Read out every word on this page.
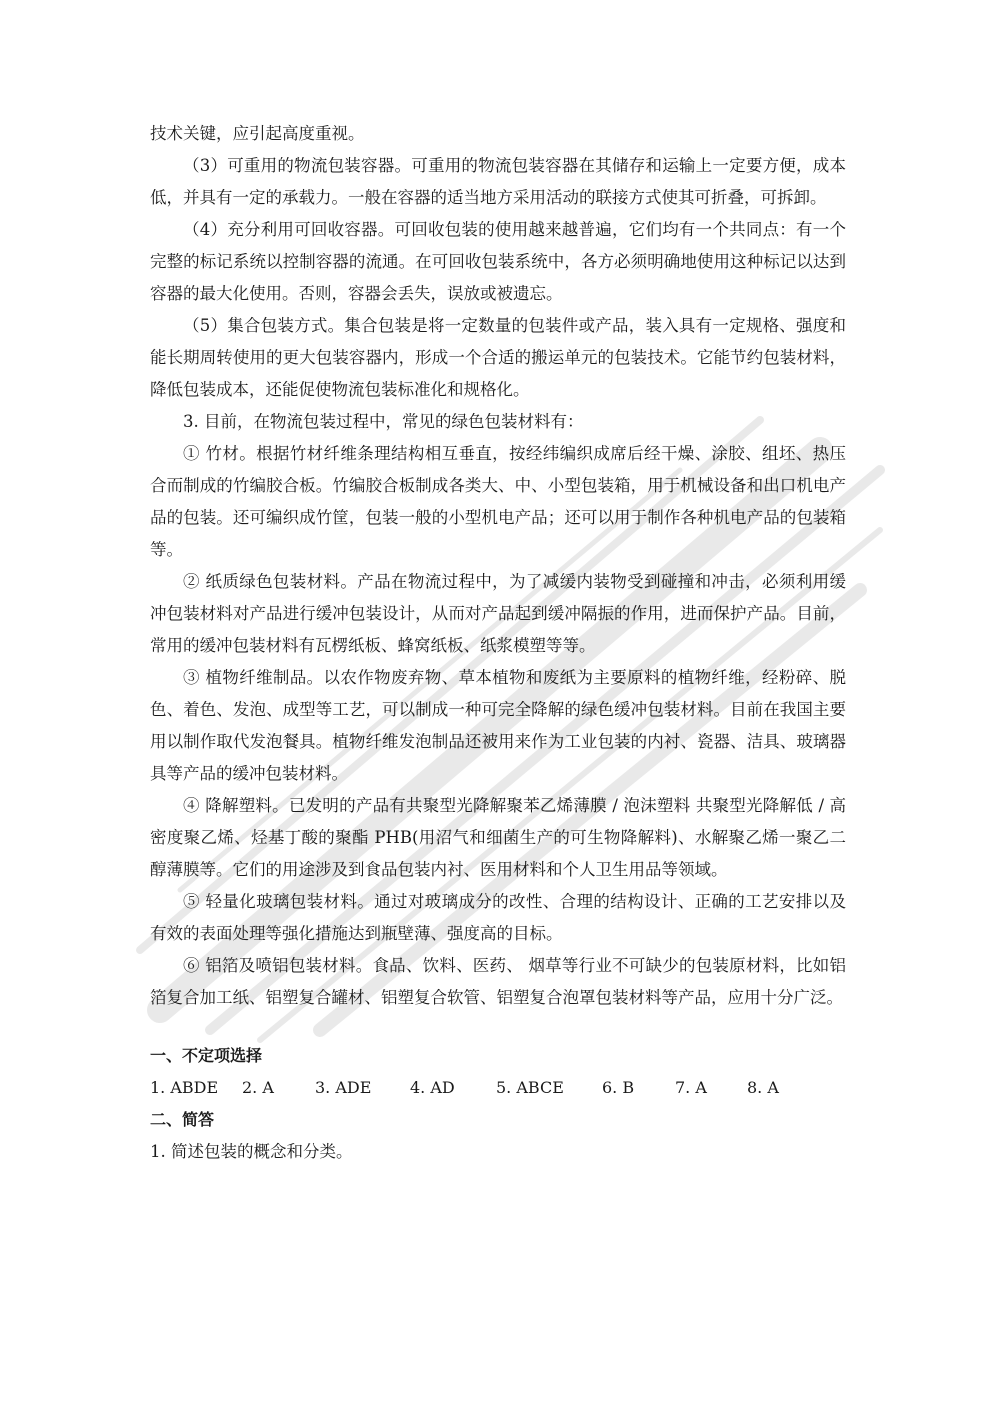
技术关键，应引起高度重视。

（3）可重用的物流包装容器。可重用的物流包装容器在其储存和运输上一定要方便，成本低，并具有一定的承载力。一般在容器的适当地方采用活动的联接方式使其可折叠，可拆卸。

（4）充分利用可回收容器。可回收包装的使用越来越普遍，它们均有一个共同点：有一个完整的标记系统以控制容器的流通。在可回收包装系统中，各方必须明确地使用这种标记以达到容器的最大化使用。否则，容器会丢失，误放或被遗忘。

（5）集合包装方式。集合包装是将一定数量的包装件或产品，装入具有一定规格、强度和能长期周转使用的更大包装容器内，形成一个合适的搬运单元的包装技术。它能节约包装材料，降低包装成本，还能促使物流包装标准化和规格化。

3. 目前，在物流包装过程中，常见的绿色包装材料有：

① 竹材。根据竹材纤维条理结构相互垂直，按经纬编织成席后经干燥、涂胶、组坯、热压合而制成的竹编胶合板。竹编胶合板制成各类大、中、小型包装箱，用于机械设备和出口机电产品的包装。还可编织成竹筐，包装一般的小型机电产品；还可以用于制作各种机电产品的包装箱等。

② 纸质绿色包装材料。产品在物流过程中，为了减缓内装物受到碰撞和冲击，必须利用缓冲包装材料对产品进行缓冲包装设计，从而对产品起到缓冲隔振的作用，进而保护产品。目前，常用的缓冲包装材料有瓦楞纸板、蜂窝纸板、纸浆模塑等等。

③ 植物纤维制品。以农作物废弃物、草本植物和废纸为主要原料的植物纤维，经粉碎、脱色、着色、发泡、成型等工艺，可以制成一种可完全降解的绿色缓冲包装材料。目前在我国主要用以制作取代发泡餐具。植物纤维发泡制品还被用来作为工业包装的内衬、瓷器、洁具、玻璃器具等产品的缓冲包装材料。

④ 降解塑料。已发明的产品有共聚型光降解聚苯乙烯薄膜 / 泡沫塑料 共聚型光降解低 / 高密度聚乙烯、烃基丁酸的聚酯 PHB(用沼气和细菌生产的可生物降解料)、水解聚乙烯一聚乙二醇薄膜等。它们的用途涉及到食品包装内衬、医用材料和个人卫生用品等领域。

⑤ 轻量化玻璃包装材料。通过对玻璃成分的改性、合理的结构设计、正确的工艺安排以及有效的表面处理等强化措施达到瓶壁薄、强度高的目标。

⑥ 铝箔及喷铝包装材料。食品、饮料、医药、 烟草等行业不可缺少的包装原材料，比如铝箔复合加工纸、铝塑复合罐材、铝塑复合软管、铝塑复合泡罩包装材料等产品，应用十分广泛。

一、不定项选择
1. ABDE	2. A	3. ADE	4. AD	5. ABCE	6. B	7. A	8. A
二、简答

1. 简述包装的概念和分类。
